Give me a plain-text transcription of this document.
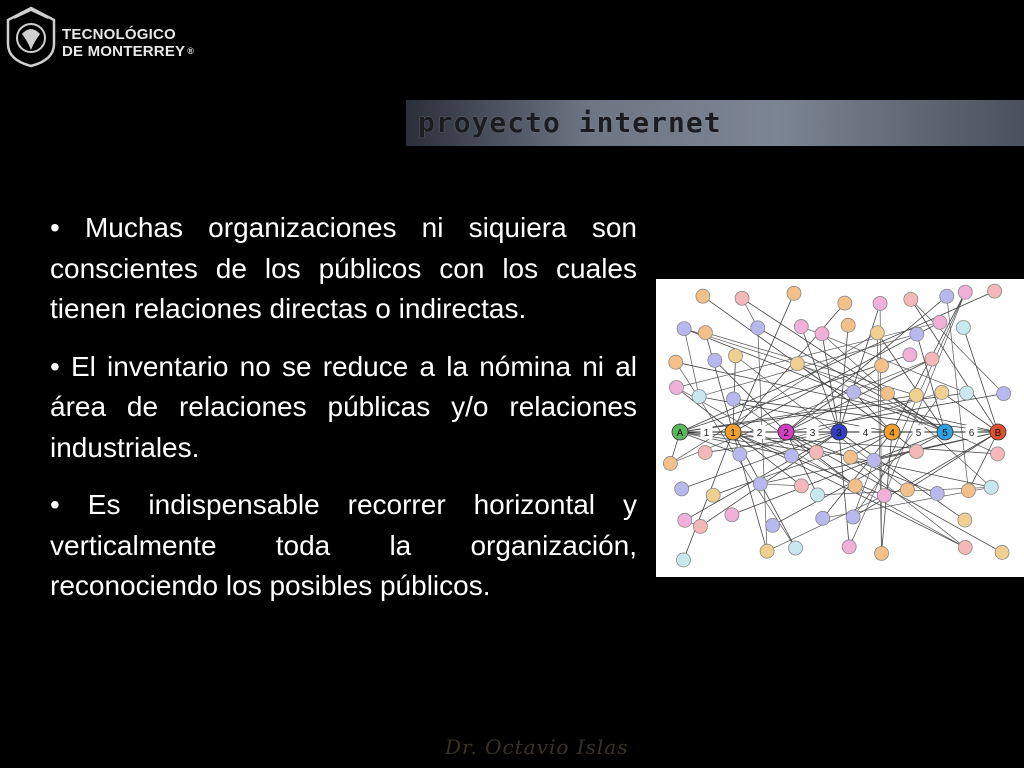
TECNOLÓGICO
DE MONTERREY ®
proyecto internet
• Muchas organizaciones ni siquiera son conscientes de los públicos con los cuales tienen relaciones directas o indirectas.
• El inventario no se reduce a la nómina ni al área de relaciones públicas y/o relaciones industriales.
• Es indispensable recorrer horizontal y verticalmente toda la organización, reconociendo los posibles públicos.
A 1 1 2 2 3 3 4 4 5 5 6 B
Dr. Octavio Islas
